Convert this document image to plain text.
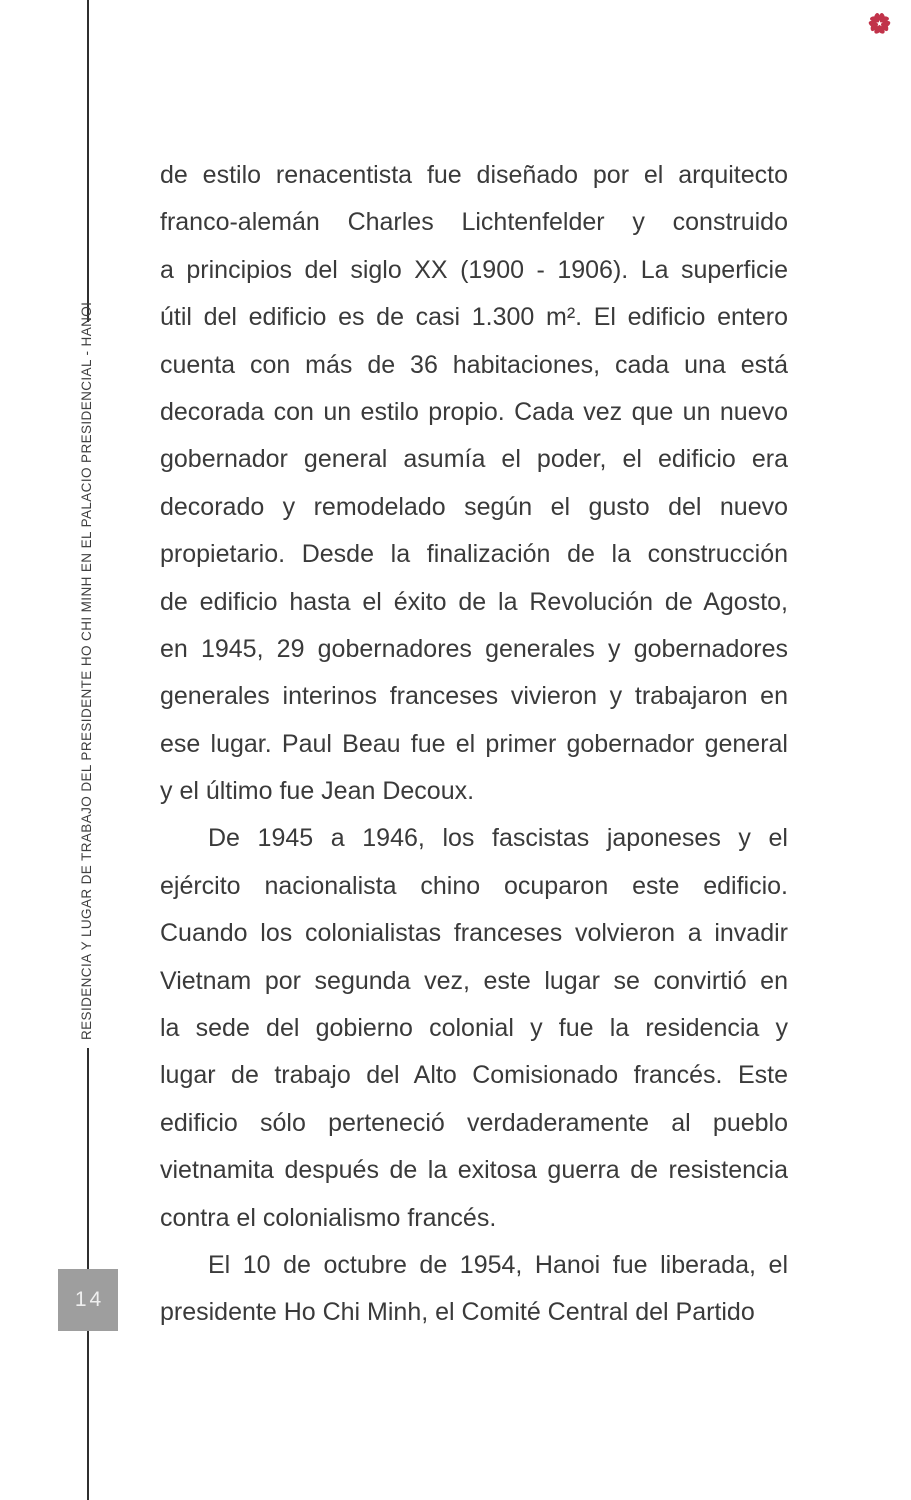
RESIDENCIA Y LUGAR DE TRABAJO DEL PRESIDENTE HO CHI MINH EN EL PALACIO PRESIDENCIAL - HANOI
14
de estilo renacentista fue diseñado por el arquitecto
franco-alemán Charles Lichtenfelder y construido
a principios del siglo XX (1900 - 1906). La superficie
útil del edificio es de casi 1.300 m². El edificio entero
cuenta con más de 36 habitaciones, cada una está
decorada con un estilo propio. Cada vez que un nuevo
gobernador general asumía el poder, el edificio era
decorado y remodelado según el gusto del nuevo
propietario. Desde la finalización de la construcción
de edificio hasta el éxito de la Revolución de Agosto,
en 1945, 29 gobernadores generales y gobernadores
generales interinos franceses vivieron y trabajaron en
ese lugar. Paul Beau fue el primer gobernador general
y el último fue Jean Decoux.
De 1945 a 1946, los fascistas japoneses y el
ejército nacionalista chino ocuparon este edificio.
Cuando los colonialistas franceses volvieron a invadir
Vietnam por segunda vez, este lugar se convirtió en
la sede del gobierno colonial y fue la residencia y
lugar de trabajo del Alto Comisionado francés. Este
edificio sólo perteneció verdaderamente al pueblo
vietnamita después de la exitosa guerra de resistencia
contra el colonialismo francés.
El 10 de octubre de 1954, Hanoi fue liberada, el
presidente Ho Chi Minh, el Comité Central del Partido
